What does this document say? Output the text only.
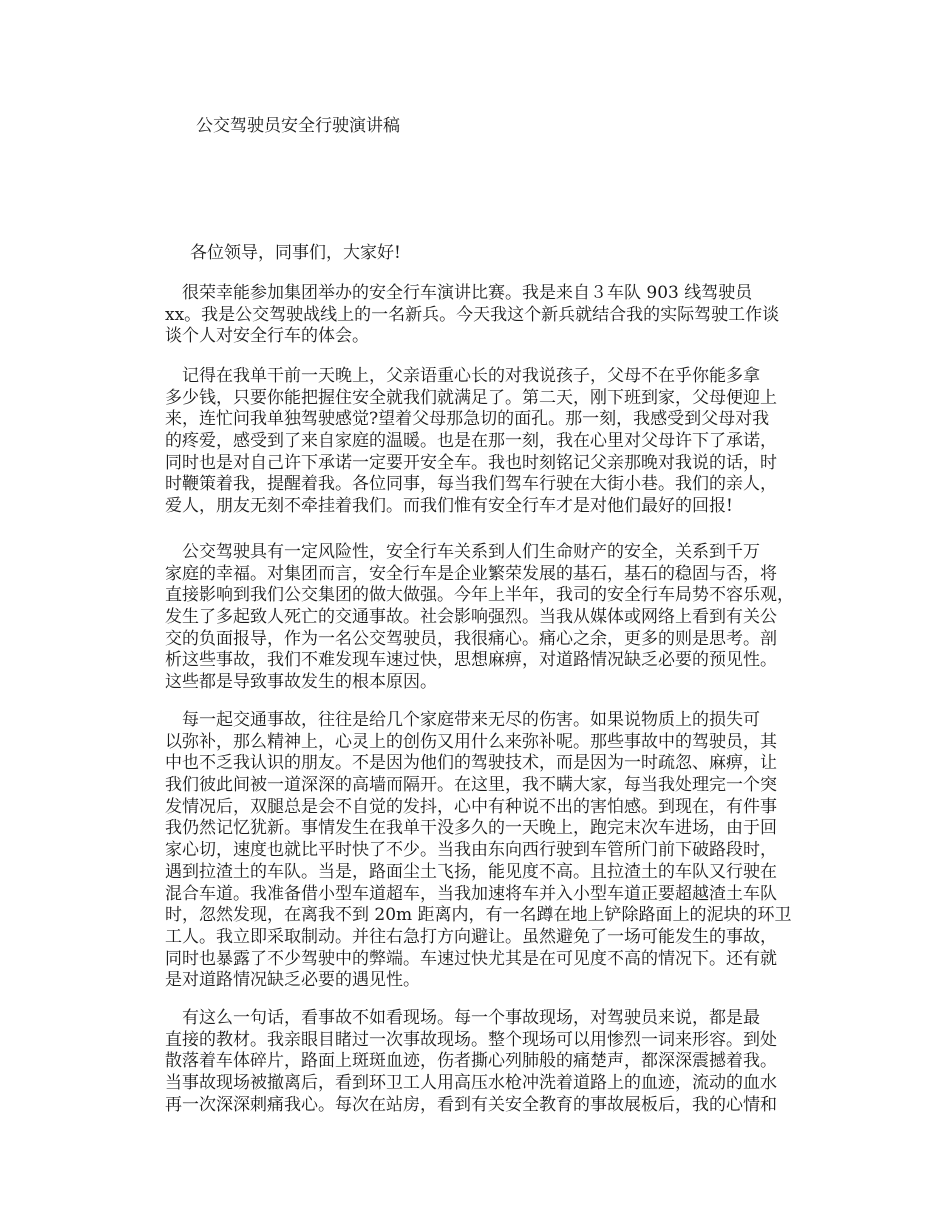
公交驾驶员安全行驶演讲稿

各位领导，同事们，大家好!

很荣幸能参加集团举办的安全行车演讲比赛。我是来自３车队 903 线驾驶员
xx。我是公交驾驶战线上的一名新兵。今天我这个新兵就结合我的实际驾驶工作谈
谈个人对安全行车的体会。
记得在我单干前一天晚上，父亲语重心长的对我说孩子，父母不在乎你能多拿
多少钱，只要你能把握住安全就我们就满足了。第二天，刚下班到家，父母便迎上
来，连忙问我单独驾驶感觉?望着父母那急切的面孔。那一刻，我感受到父母对我
的疼爱，感受到了来自家庭的温暖。也是在那一刻，我在心里对父母许下了承诺，
同时也是对自己许下承诺一定要开安全车。我也时刻铭记父亲那晚对我说的话，时
时鞭策着我，提醒着我。各位同事，每当我们驾车行驶在大街小巷。我们的亲人，
爱人，朋友无刻不牵挂着我们。而我们惟有安全行车才是对他们最好的回报!
公交驾驶具有一定风险性，安全行车关系到人们生命财产的安全，关系到千万
家庭的幸福。对集团而言，安全行车是企业繁荣发展的基石，基石的稳固与否，将
直接影响到我们公交集团的做大做强。今年上半年，我司的安全行车局势不容乐观，
发生了多起致人死亡的交通事故。社会影响强烈。当我从媒体或网络上看到有关公
交的负面报导，作为一名公交驾驶员，我很痛心。痛心之余，更多的则是思考。剖
析这些事故，我们不难发现车速过快，思想麻痹，对道路情况缺乏必要的预见性。
这些都是导致事故发生的根本原因。
每一起交通事故，往往是给几个家庭带来无尽的伤害。如果说物质上的损失可
以弥补，那么精神上，心灵上的创伤又用什么来弥补呢。那些事故中的驾驶员，其
中也不乏我认识的朋友。不是因为他们的驾驶技术，而是因为一时疏忽、麻痹，让
我们彼此间被一道深深的高墙而隔开。在这里，我不瞒大家，每当我处理完一个突
发情况后，双腿总是会不自觉的发抖，心中有种说不出的害怕感。到现在，有件事
我仍然记忆犹新。事情发生在我单干没多久的一天晚上，跑完末次车进场，由于回
家心切，速度也就比平时快了不少。当我由东向西行驶到车管所门前下破路段时，
遇到拉渣土的车队。当是，路面尘土飞扬，能见度不高。且拉渣土的车队又行驶在
混合车道。我准备借小型车道超车，当我加速将车并入小型车道正要超越渣土车队
时，忽然发现，在离我不到 20m 距离内，有一名蹲在地上铲除路面上的泥块的环卫
工人。我立即采取制动。并往右急打方向避让。虽然避免了一场可能发生的事故，
同时也暴露了不少驾驶中的弊端。车速过快尤其是在可见度不高的情况下。还有就
是对道路情况缺乏必要的遇见性。
有这么一句话，看事故不如看现场。每一个事故现场，对驾驶员来说，都是最
直接的教材。我亲眼目睹过一次事故现场。整个现场可以用惨烈一词来形容。到处
散落着车体碎片，路面上斑斑血迹，伤者撕心列肺般的痛楚声，都深深震撼着我。
当事故现场被撤离后，看到环卫工人用高压水枪冲洗着道路上的血迹，流动的血水
再一次深深刺痛我心。每次在站房，看到有关安全教育的事故展板后，我的心情和
